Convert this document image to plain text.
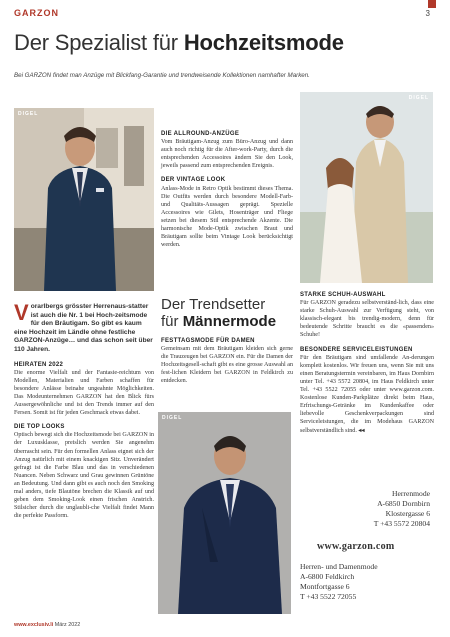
GARZON	3
Der Spezialist für Hochzeitsmode
Bei GARZON findet man Anzüge mit Blickfang-Garantie und trendweisende Kollektionen namhafter Marken.
DIGEL
DIGEL
DIGEL
Vorarlbergs grösster Herrenaus-statter ist auch die Nr. 1 bei Hoch-zeitsmode für den Bräutigam. So gibt es kaum eine Hochzeit im Ländle ohne festliche GARZON-Anzüge… und das schon seit über 110 Jahren.
HEIRATEN 2022

Die enorme Vielfalt und der Fantasie-reichtum von Modellen, Materialien und Farben schaffen für besondere Anlässe beinahe ungeahnte Möglichkeiten. Das Modeunternehmen GARZON hat den Blick fürs Aussergewöhnliche und ist den Trends immer auf den Fersen. Somit ist für jeden Geschmack etwas dabei.

DIE TOP LOOKS

Optisch bewegt sich die Hochzeitsmode bei GARZON in der Luxusklasse, preislich werden Sie angenehm überrascht sein. Für den formellen Anlass eignet sich der Anzug natürlich mit einem knackigen Sitz. Unverändert gefragt ist die Farbe Blau und das in verschiedenen Nuancen. Neben Schwarz und Grau gewinnen Grüntöne an Bedeutung. Und dann gibt es auch noch den Smoking mal anders, tiefe Blautöne brechen die Klassik auf und geben dem Smoking-Look einen frischen Anstrich. Stilsicher durch die unglaubli-che Vielfalt findet Mann die perfekte Passform.

DIE ALLROUND-ANZÜGE

Vom Bräutigam-Anzug zum Büro-Anzug und dann auch noch richtig für die After-work-Party, durch die entsprechenden Accessoires ändern Sie den Look, jeweils passend zum entsprechenden Ereignis.

DER VINTAGE LOOK

Anlass-Mode in Retro Optik bestimmt dieses Thema. Die Outfits werden durch besondere Modell-Farb- und Qualitäts-Aussagen geprägt. Spezielle Accessoires wie Gilets, Hosenträger und Fliege setzen bei diesem Stil entsprechende Akzente. Die harmonische Mode-Optik zwischen Braut und Bräutigam sollte beim Vintage Look berücksichtigt werden.

Der Trendsetter
für Männermode
FESTTAGSMODE FÜR DAMEN

Gemeinsam mit dem Bräutigam kleiden sich gerne die Trauzeugen bei GARZON ein. Für die Damen der Hochzeitsgesell-schaft gibt es eine grosse Auswahl an fest-lichen Kleidern bei GARZON in Feldkirch zu entdecken.

STARKE SCHUH-AUSWAHL

Für GARZON geradezu selbstverständ-lich, dass eine starke Schuh-Auswahl zur Verfügung steht, von klassisch-elegant bis trendig-modern, denn für bedeutende Schritte braucht es die «passenden» Schuhe!

BESONDERE SERVICELEISTUNGEN

Für den Bräutigam sind umfallende An-derungen komplett kostenlos. Wir freuen uns, wenn Sie mit uns einen Beratungstermin vereinbaren, im Haus Dornbirn unter Tel. +43 5572 20804, im Haus Feldkirch unter Tel. +43 5522 72055 oder unter www.garzon.com. Kostenlose Kunden-Parkplätze direkt beim Haus, Erfrischungs-Getränke im Kundenkaffee oder liebevolle Geschenkverpackungen sind Serviceleistungen, die im Modehaus GARZON selbstverständlich sind. ◂◂

Herrenmode
A-6850 Dornbirn
Klostergasse 6
T +43 5572 20804
www.garzon.com
Herren- und Damenmode
A-6800 Feldkirch
Montfortgasse 6
T +43 5522 72055
www.exclusiv.li März 2022
